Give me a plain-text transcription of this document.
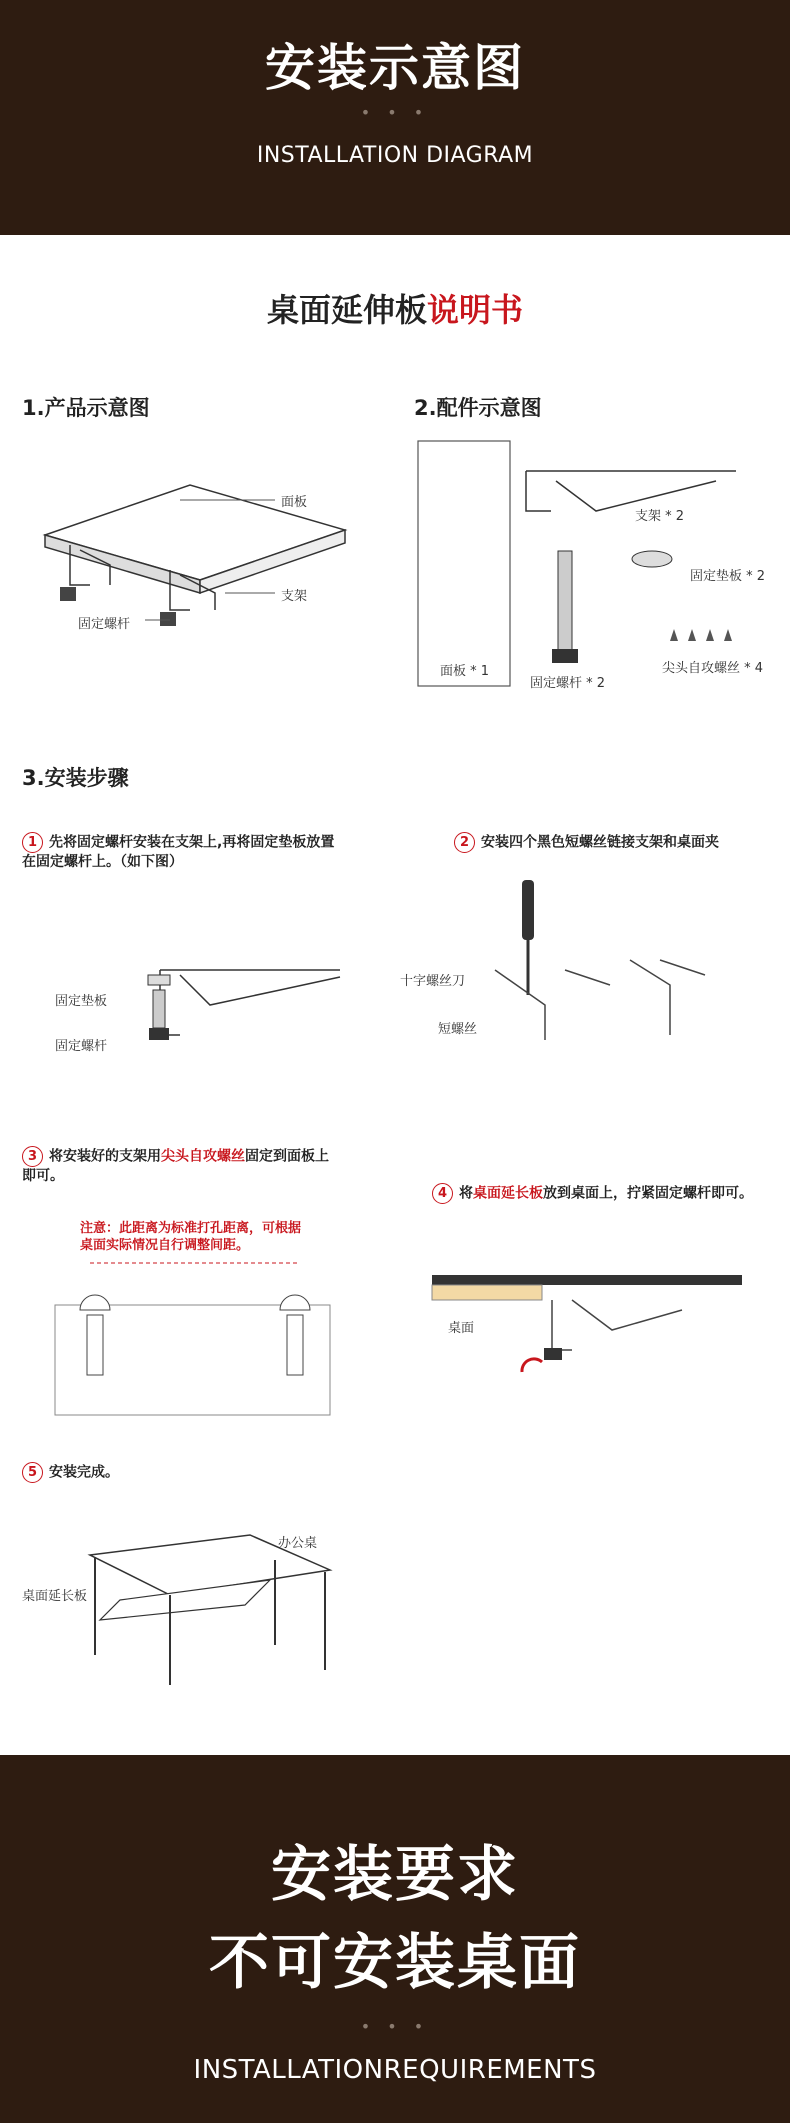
安装示意图
• • •
INSTALLATION DIAGRAM
桌面延伸板说明书
1.产品示意图
面板
支架
固定螺杆
2.配件示意图
面板 * 1
支架 * 2
固定螺杆 * 2
固定垫板 * 2
尖头自攻螺丝 * 4
3.安装步骤
1 先将固定螺杆安装在支架上,再将固定垫板放置在固定螺杆上。（如下图）
固定垫板
固定螺杆
2 安装四个黑色短螺丝链接支架和桌面夹
十字螺丝刀
短螺丝
3 将安装好的支架用尖头自攻螺丝固定到面板上即可。
注意：此距离为标准打孔距离，可根据桌面实际情况自行调整间距。
4 将桌面延长板放到桌面上，拧紧固定螺杆即可。
桌面
5 安装完成。
办公桌
桌面延长板
安装要求
不可安装桌面
• • •
INSTALLATIONREQUIREMENTS
